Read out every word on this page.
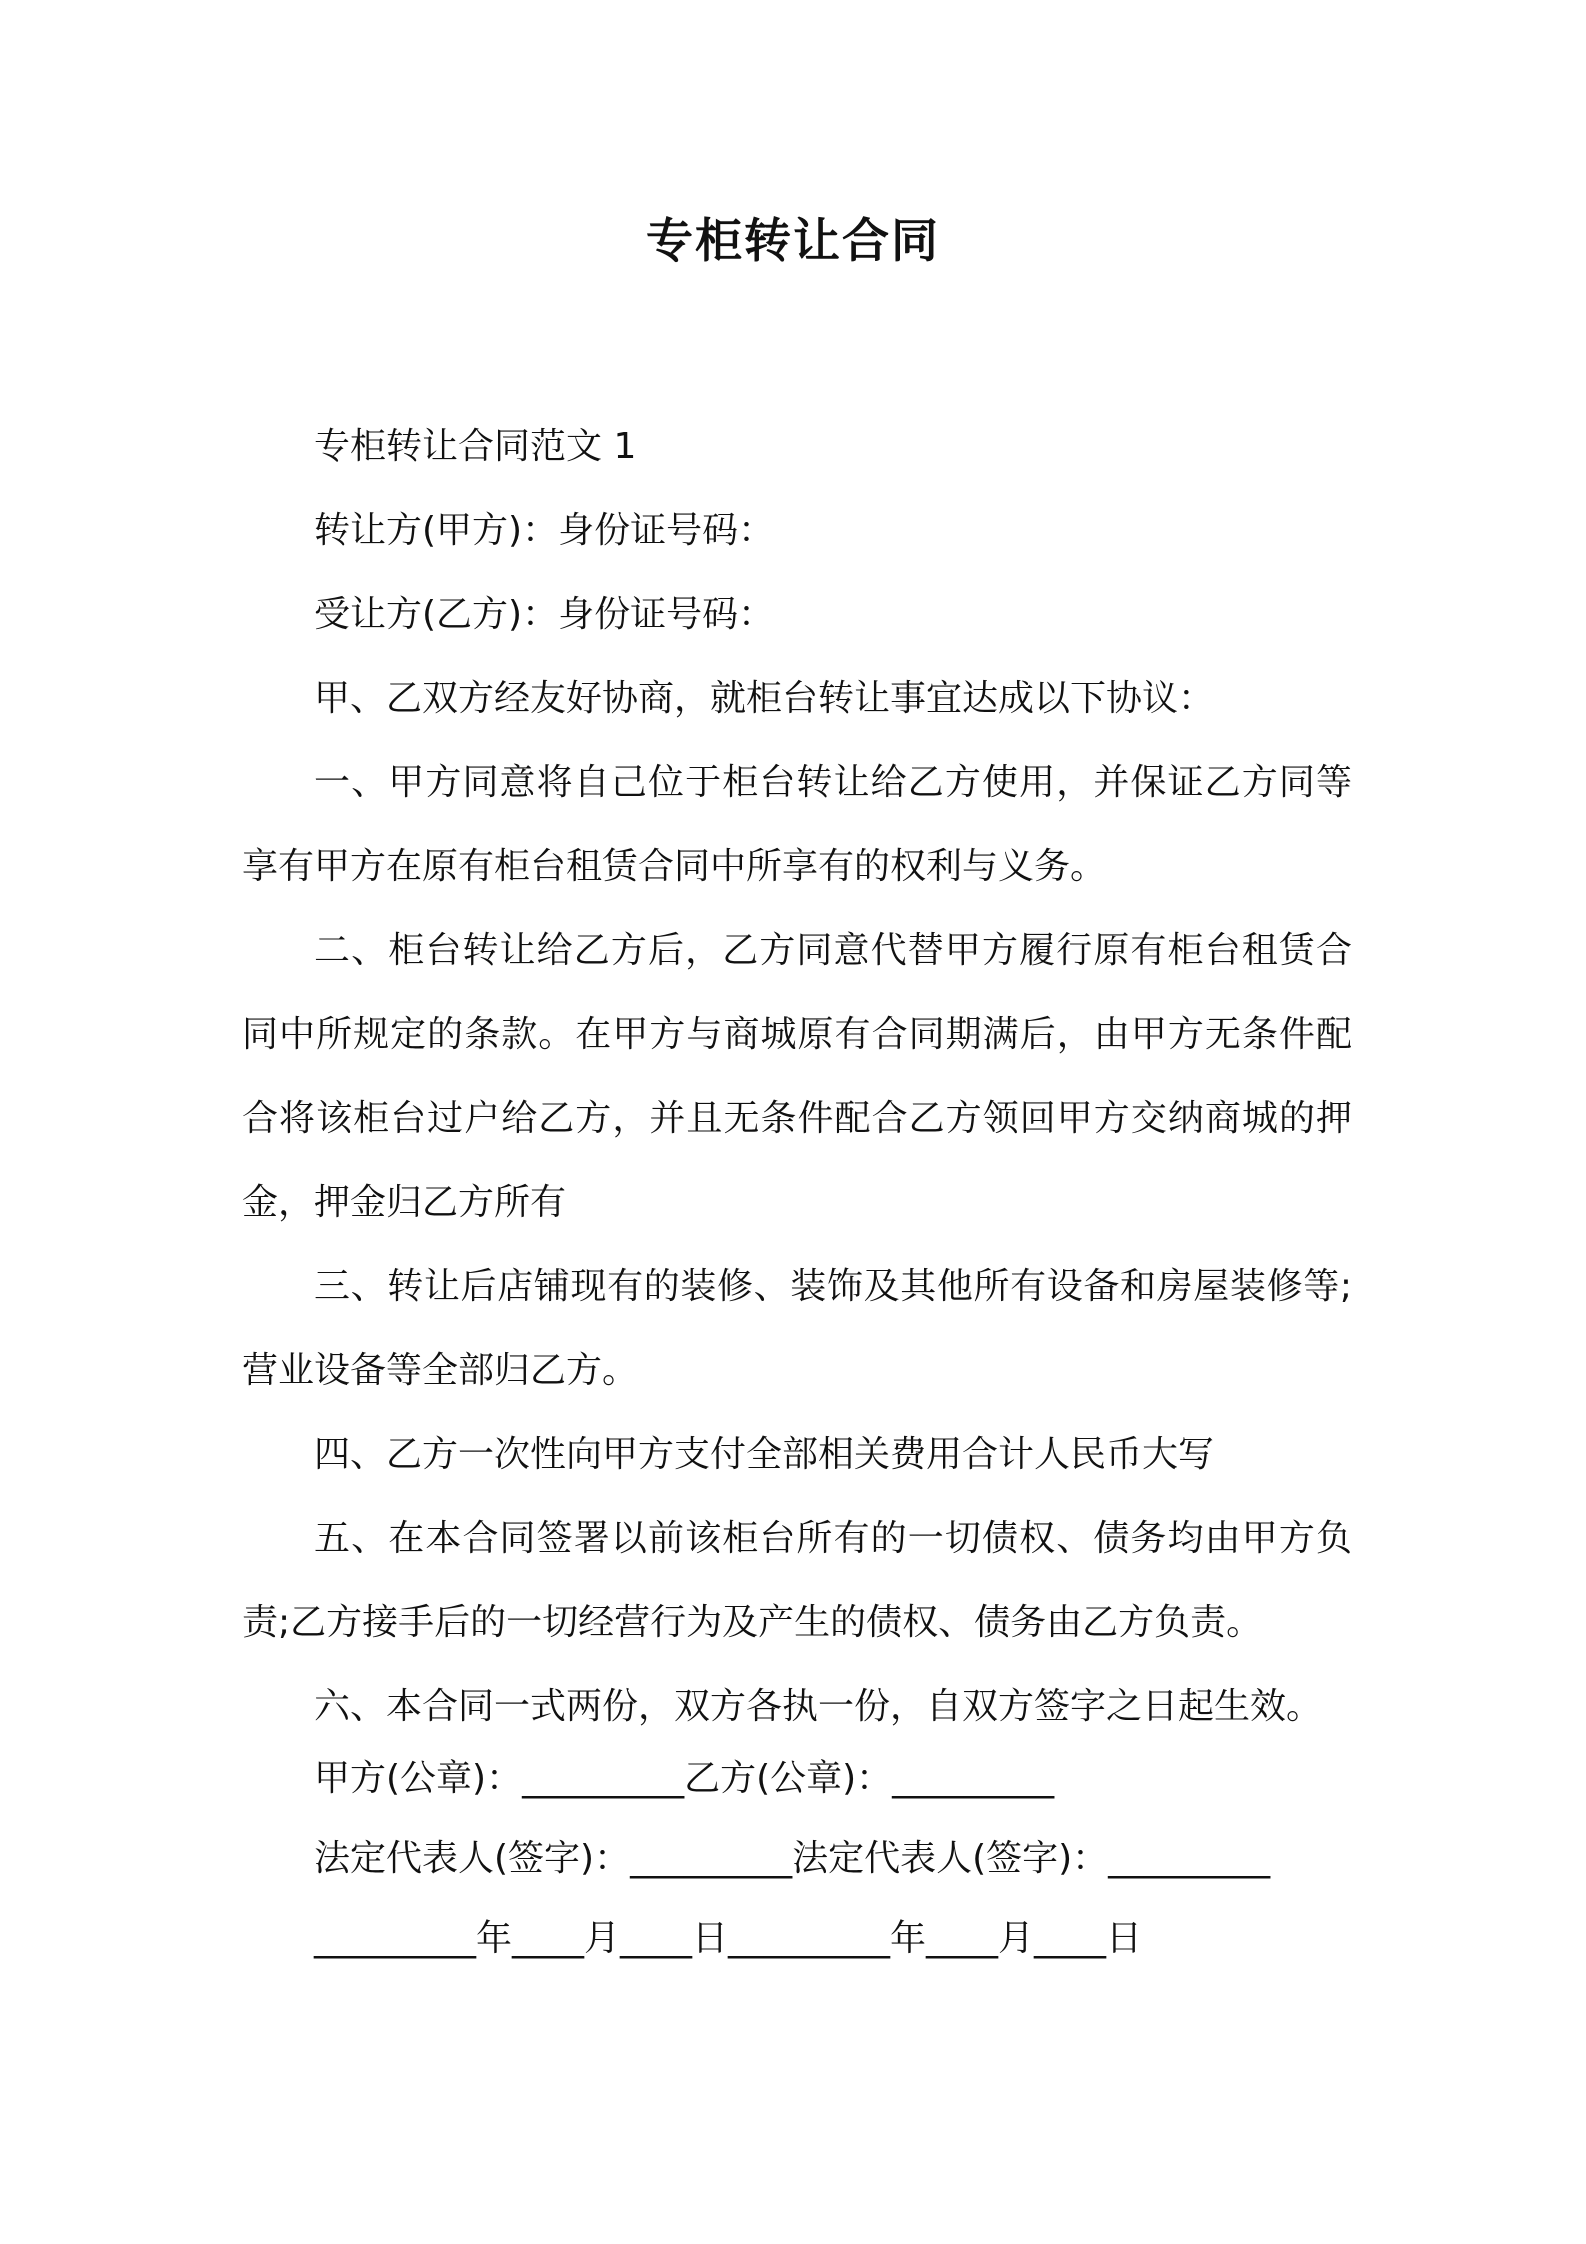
专柜转让合同

专柜转让合同范文 1

转让方(甲方)：身份证号码：

受让方(乙方)：身份证号码：

甲、乙双方经友好协商，就柜台转让事宜达成以下协议：

一、甲方同意将自己位于柜台转让给乙方使用，并保证乙方同等享有甲方在原有柜台租赁合同中所享有的权利与义务。

二、柜台转让给乙方后，乙方同意代替甲方履行原有柜台租赁合同中所规定的条款。在甲方与商城原有合同期满后，由甲方无条件配合将该柜台过户给乙方，并且无条件配合乙方领回甲方交纳商城的押金，押金归乙方所有

三、转让后店铺现有的装修、装饰及其他所有设备和房屋装修等;营业设备等全部归乙方。

四、乙方一次性向甲方支付全部相关费用合计人民币大写

五、在本合同签署以前该柜台所有的一切债权、债务均由甲方负责;乙方接手后的一切经营行为及产生的债权、债务由乙方负责。

六、本合同一式两份，双方各执一份，自双方签字之日起生效。

甲方(公章)：_________乙方(公章)：_________
法定代表人(签字)：_________法定代表人(签字)：_________
_________年____月____日_________年____月____日
